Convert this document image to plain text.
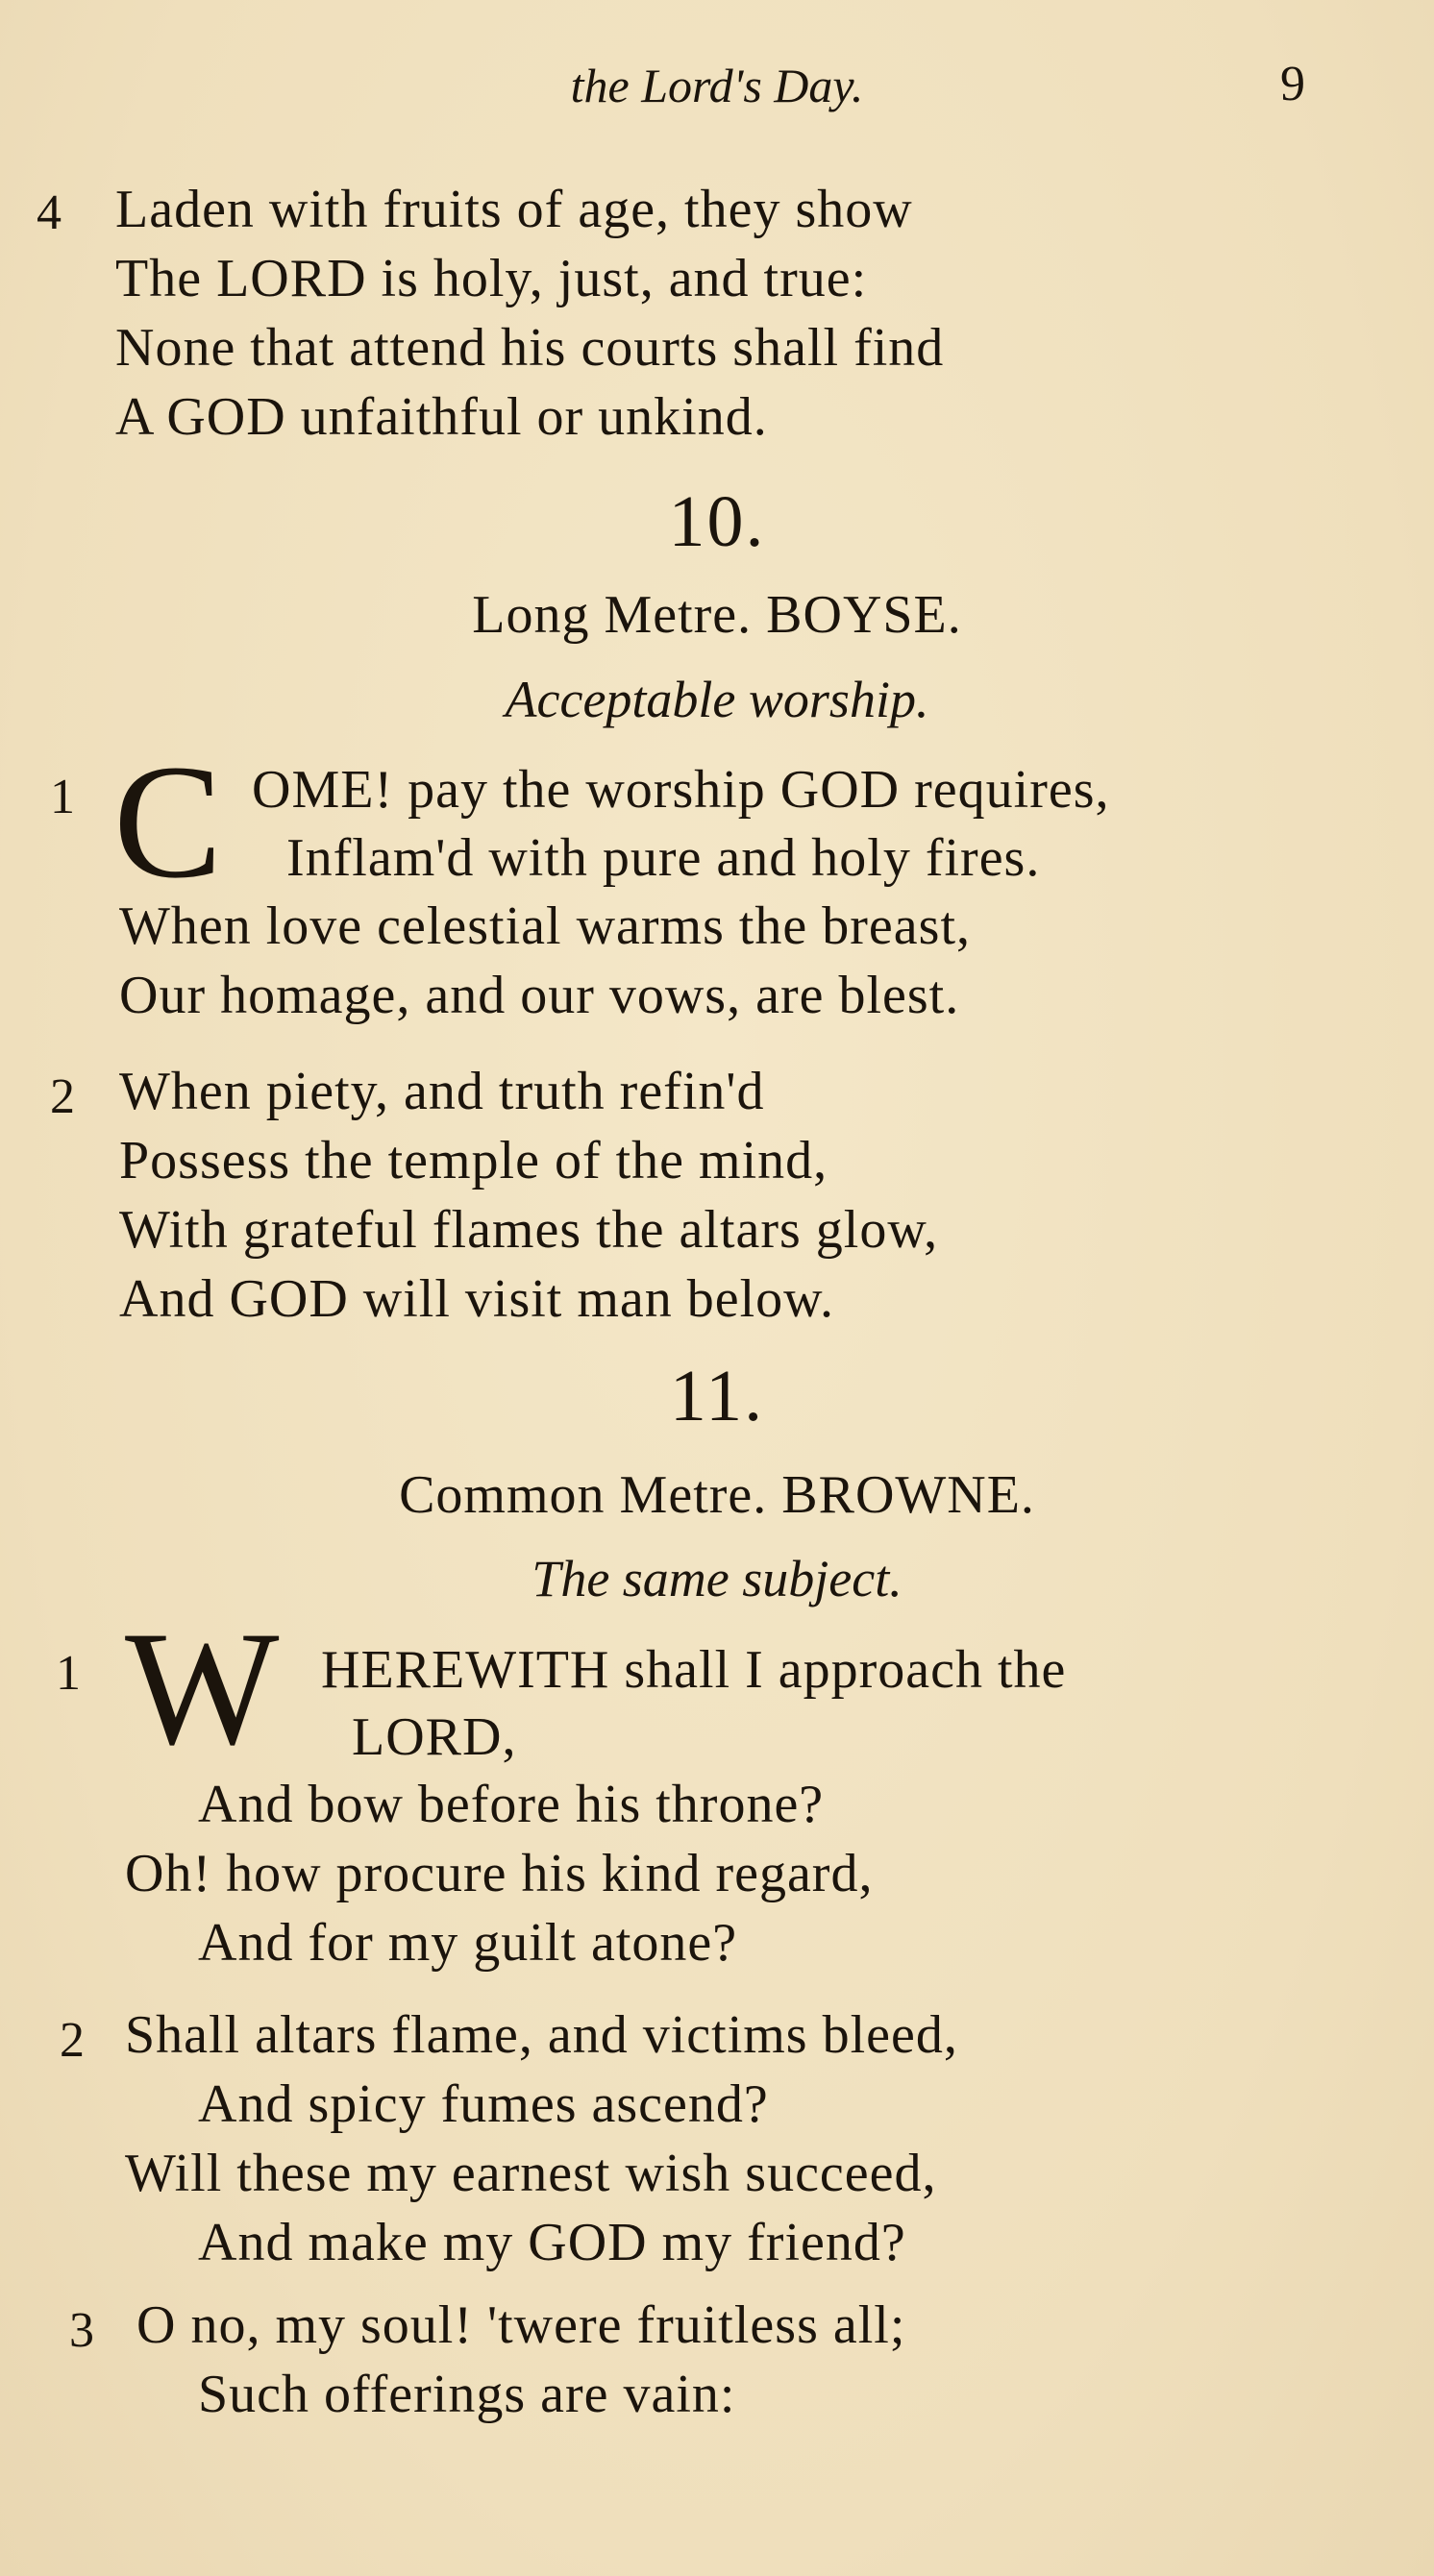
the Lord's Day.	9
4 Laden with fruits of age, they show
The LORD is holy, just, and true:
None that attend his courts shall find
A GOD unfaithful or unkind.
10.
Long Metre. BOYSE.
Acceptable worship.
1 C OME! pay the worship GOD requires,
Inflam'd with pure and holy fires.
When love celestial warms the breast,
Our homage, and our vows, are blest.
2 When piety, and truth refin'd
Possess the temple of the mind,
With grateful flames the altars glow,
And GOD will visit man below.
11.
Common Metre. BROWNE.
The same subject.
1 W HEREWITH shall I approach the
LORD,
And bow before his throne?
Oh! how procure his kind regard,
And for my guilt atone?
2 Shall altars flame, and victims bleed,
And spicy fumes ascend?
Will these my earnest wish succeed,
And make my GOD my friend?
3 O no, my soul! 'twere fruitless all;
Such offerings are vain:
